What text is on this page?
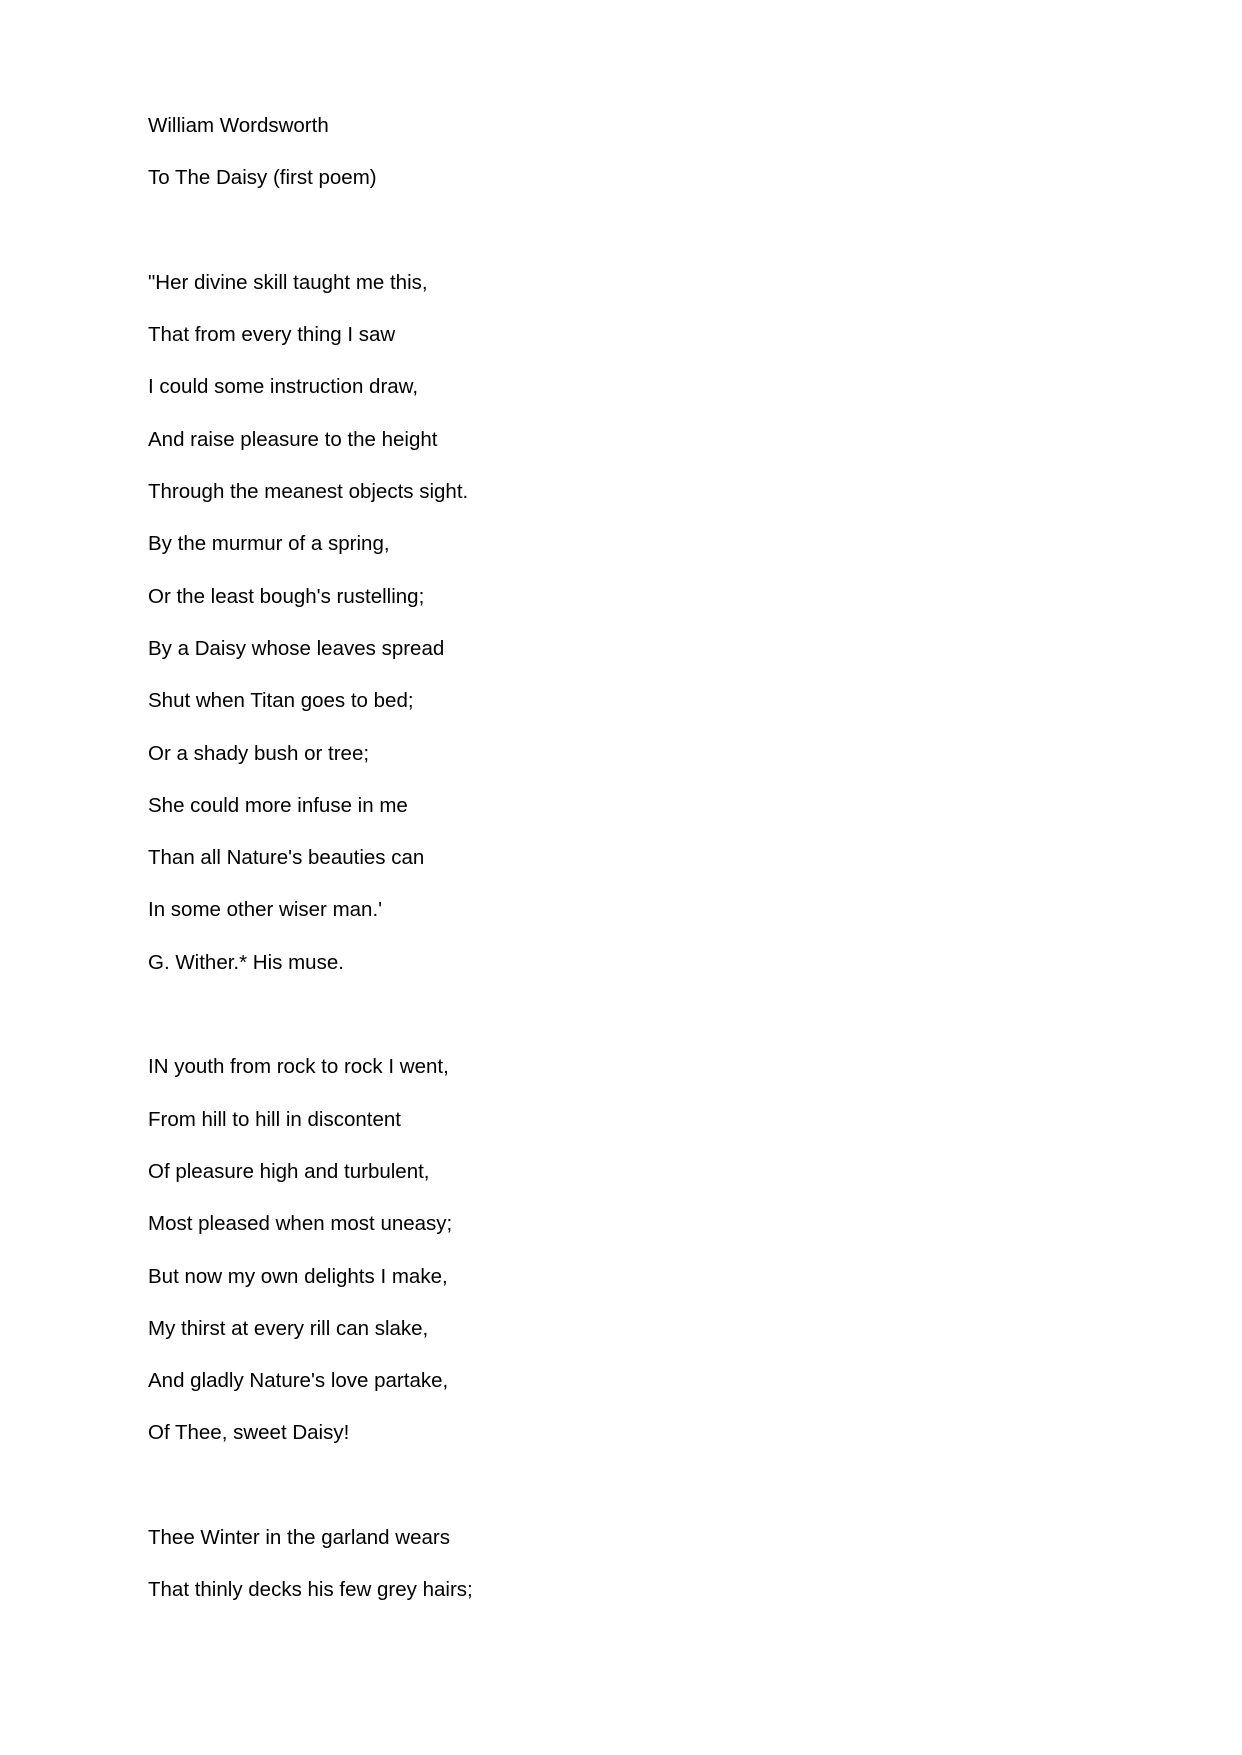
William Wordsworth
To The Daisy (first poem)
"Her divine skill taught me this,
That from every thing I saw
I could some instruction draw,
And raise pleasure to the height
Through the meanest objects sight.
By the murmur of a spring,
Or the least bough's rustelling;
By a Daisy whose leaves spread
Shut when Titan goes to bed;
Or a shady bush or tree;
She could more infuse in me
Than all Nature's beauties can
In some other wiser man.'
G. Wither.* His muse.
IN youth from rock to rock I went,
From hill to hill in discontent
Of pleasure high and turbulent,
Most pleased when most uneasy;
But now my own delights I make,
My thirst at every rill can slake,
And gladly Nature's love partake,
Of Thee, sweet Daisy!
Thee Winter in the garland wears
That thinly decks his few grey hairs;
